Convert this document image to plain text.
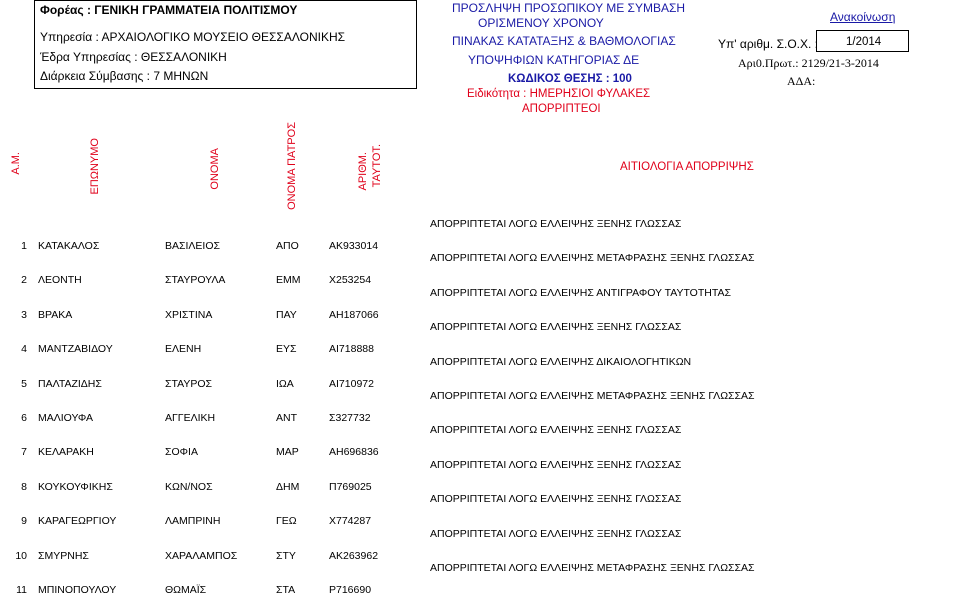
Φορέας : ΓΕΝΙΚΗ ΓΡΑΜΜΑΤΕΙΑ ΠΟΛΙΤΙΣΜΟΥ
Υπηρεσία : ΑΡΧΑΙΟΛΟΓΙΚΟ ΜΟΥΣΕΙΟ ΘΕΣΣΑΛΟΝΙΚΗΣ
Έδρα Υπηρεσίας : ΘΕΣΣΑΛΟΝΙΚΗ
Διάρκεια Σύμβασης : 7 ΜΗΝΩΝ
ΠΡΟΣΛΗΨΗ ΠΡΟΣΩΠΙΚΟΥ ΜΕ ΣΥΜΒΑΣΗ
ΟΡΙΣΜΕΝΟΥ ΧΡΟΝΟΥ
ΠΙΝΑΚΑΣ ΚΑΤΑΤΑΞΗΣ & ΒΑΘΜΟΛΟΓΙΑΣ
ΥΠΟΨΗΦΙΩΝ ΚΑΤΗΓΟΡΙΑΣ ΔΕ
ΚΩΔΙΚΟΣ ΘΕΣΗΣ : 100
Ειδικότητα : ΗΜΕΡΗΣΙΟΙ ΦΥΛΑΚΕΣ
ΑΠΟΡΡΙΠΤΕΟΙ
Ανακοίνωση
Υπ' αριθμ. Σ.Ο.Χ. : 1/2014
Αρι0.Πρωτ.: 2129/21-3-2014
ΑΔΑ:
Α.Μ.	ΕΠΩΝΥΜΟ	ΟΝΟΜΑ	ΟΝΟΜΑ ΠΑΤΡΟΣ	ΑΡΙΘΜ. ΤΑΥΤΟΤ.	ΑΙΤΙΟΛΟΓΙΑ ΑΠΟΡΡΙΨΗΣ
1 ΚΑΤΑΚΑΛΟΣ	ΒΑΣΙΛΕΙΟΣ	ΑΠΟ	ΑΚ933014
ΑΠΟΡΡΙΠΤΕΤΑΙ ΛΟΓΩ ΕΛΛΕΙΨΗΣ ΞΕΝΗΣ ΓΛΩΣΣΑΣ
2 ΛΕΟΝΤΗ	ΣΤΑΥΡΟΥΛΑ	ΕΜΜ	Χ253254
ΑΠΟΡΡΙΠΤΕΤΑΙ ΛΟΓΩ ΕΛΛΕΙΨΗΣ ΜΕΤΑΦΡΑΣΗΣ ΞΕΝΗΣ ΓΛΩΣΣΑΣ
3 ΒΡΑΚΑ	ΧΡΙΣΤΙΝΑ	ΠΑΥ	ΑΗ187066
ΑΠΟΡΡΙΠΤΕΤΑΙ ΛΟΓΩ ΕΛΛΕΙΨΗΣ ΑΝΤΙΓΡΑΦΟΥ ΤΑΥΤΟΤΗΤΑΣ
4 ΜΑΝΤΖΑΒΙΔΟΥ	ΕΛΕΝΗ	ΕΥΣ	ΑΙ718888
ΑΠΟΡΡΙΠΤΕΤΑΙ ΛΟΓΩ ΕΛΛΕΙΨΗΣ ΞΕΝΗΣ ΓΛΩΣΣΑΣ
5 ΠΑΛΤΑΖΙΔΗΣ	ΣΤΑΥΡΟΣ	ΙΩΑ	ΑΙ710972
ΑΠΟΡΡΙΠΤΕΤΑΙ ΛΟΓΩ ΕΛΛΕΙΨΗΣ ΔΙΚΑΙΟΛΟΓΗΤΙΚΩΝ
6 ΜΑΛΙΟΥΦΑ	ΑΓΓΕΛΙΚΗ	ΑΝΤ	Σ327732
ΑΠΟΡΡΙΠΤΕΤΑΙ ΛΟΓΩ ΕΛΛΕΙΨΗΣ ΜΕΤΑΦΡΑΣΗΣ ΞΕΝΗΣ ΓΛΩΣΣΑΣ
7 ΚΕΛΑΡΑΚΗ	ΣΟΦΙΑ	ΜΑΡ	ΑΗ696836
ΑΠΟΡΡΙΠΤΕΤΑΙ ΛΟΓΩ ΕΛΛΕΙΨΗΣ ΞΕΝΗΣ ΓΛΩΣΣΑΣ
8 ΚΟΥΚΟΥΦΙΚΗΣ	ΚΩΝ/ΝΟΣ	ΔΗΜ	Π769025
ΑΠΟΡΡΙΠΤΕΤΑΙ ΛΟΓΩ ΕΛΛΕΙΨΗΣ ΞΕΝΗΣ ΓΛΩΣΣΑΣ
9 ΚΑΡΑΓΕΩΡΓΙΟΥ	ΛΑΜΠΡΙΝΗ	ΓΕΩ	Χ774287
ΑΠΟΡΡΙΠΤΕΤΑΙ ΛΟΓΩ ΕΛΛΕΙΨΗΣ ΞΕΝΗΣ ΓΛΩΣΣΑΣ
10 ΣΜΥΡΝΗΣ	ΧΑΡΑΛΑΜΠΟΣ	ΣΤΥ	ΑΚ263962
ΑΠΟΡΡΙΠΤΕΤΑΙ ΛΟΓΩ ΕΛΛΕΙΨΗΣ ΞΕΝΗΣ ΓΛΩΣΣΑΣ
11 ΜΠΙΝΟΠΟΥΛΟΥ	ΘΩΜΑΪΣ	ΣΤΑ	Ρ716690
ΑΠΟΡΡΙΠΤΕΤΑΙ ΛΟΓΩ ΕΛΛΕΙΨΗΣ ΜΕΤΑΦΡΑΣΗΣ ΞΕΝΗΣ ΓΛΩΣΣΑΣ
